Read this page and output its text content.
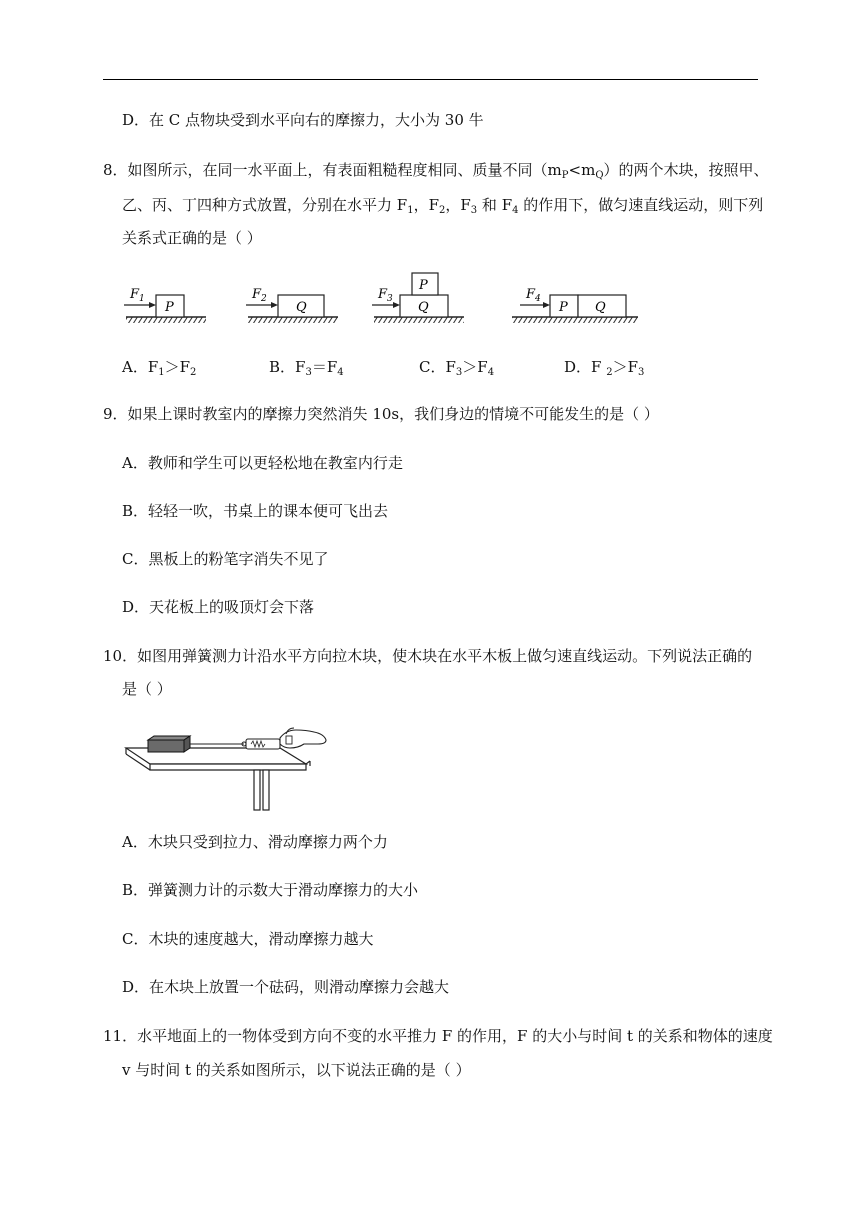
D．在 C 点物块受到水平向右的摩擦力，大小为 30 牛
8．如图所示，在同一水平面上，有表面粗糙程度相同、质量不同$(m_P<m_Q)$的两个木块，按照甲、
乙、丙、丁四种方式放置，分别在水平力 $F_1$，$F_2$，$F_3$ 和 $F_4$ 的作用下，做匀速直线运动，则下列
关系式正确的是（ ）
P
F 1
Q
F 2
P
Q
F 3
P Q
F 4
A．$F_1>F_2$	B．$F_3=F_4$	C．$F_3>F_4$	D．F $_2>F_3$
9．如果上课时教室内的摩擦力突然消失 10s，我们身边的情境不可能发生的是（ ）
A．教师和学生可以更轻松地在教室内行走
B．轻轻一吹，书桌上的课本便可飞出去
C．黑板上的粉笔字消失不见了
D．天花板上的吸顶灯会下落
10．如图用弹簧测力计沿水平方向拉木块，使木块在水平木板上做匀速直线运动。下列说法正确的
是（ ）
A．木块只受到拉力、滑动摩擦力两个力
B．弹簧测力计的示数大于滑动摩擦力的大小
C．木块的速度越大，滑动摩擦力越大
D．在木块上放置一个砝码，则滑动摩擦力会越大
11．水平地面上的一物体受到方向不变的水平推力 F 的作用，F 的大小与时间 t 的关系和物体的速度
v 与时间 t 的关系如图所示，以下说法正确的是（ ）
